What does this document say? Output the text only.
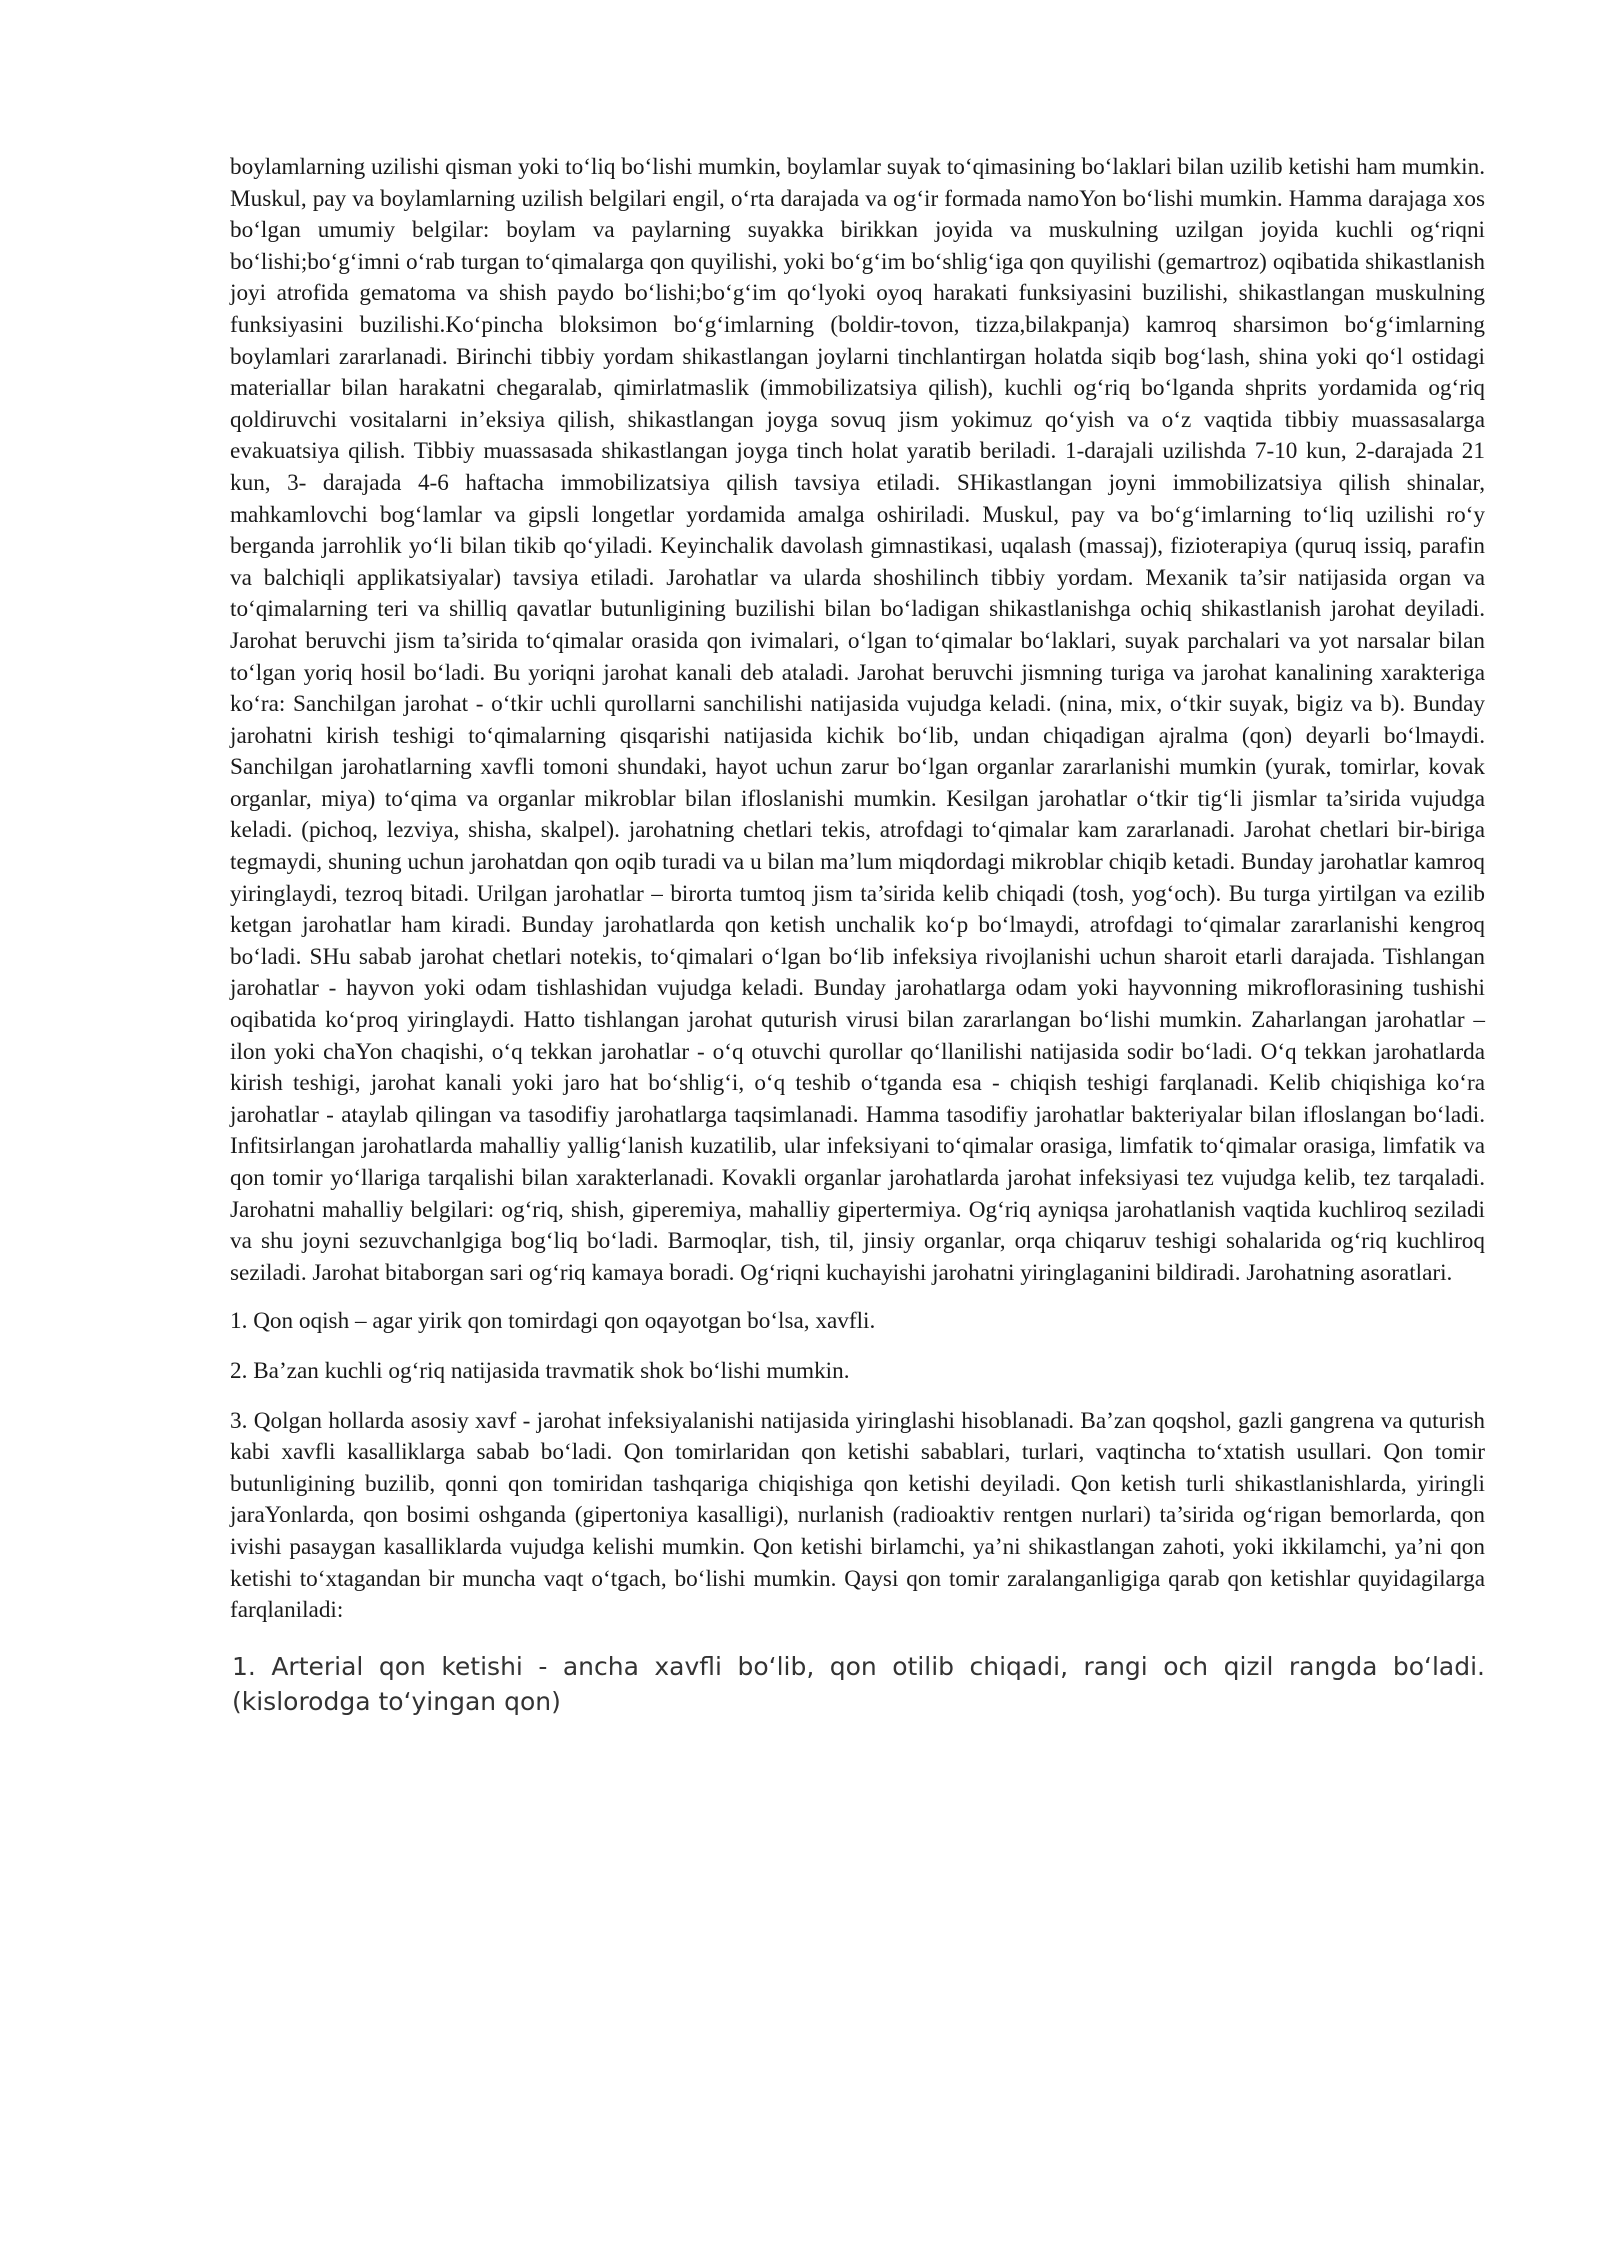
boylamlarning uzilishi qisman yoki to‘liq bo‘lishi mumkin, boylamlar suyak to‘qimasining bo‘laklari bilan uzilib ketishi ham mumkin. Muskul, pay va boylamlarning uzilish belgilari engil, o‘rta darajada va og‘ir formada namoYon bo‘lishi mumkin. Hamma darajaga xos bo‘lgan umumiy belgilar: boylam va paylarning suyakka birikkan joyida va muskulning uzilgan joyida kuchli og‘riqni bo‘lishi;bo‘g‘imni o‘rab turgan to‘qimalarga qon quyilishi, yoki bo‘g‘im bo‘shlig‘iga qon quyilishi (gemartroz) oqibatida shikastlanish joyi atrofida gematoma va shish paydo bo‘lishi;bo‘g‘im qo‘lyoki oyoq harakati funksiyasini buzilishi, shikastlangan muskulning funksiyasini buzilishi.Ko‘pincha bloksimon bo‘g‘imlarning (boldir-tovon, tizza,bilakpanja) kamroq sharsimon bo‘g‘imlarning boylamlari zararlanadi. Birinchi tibbiy yordam shikastlangan joylarni tinchlantirgan holatda siqib bog‘lash, shina yoki qo‘l ostidagi materiallar bilan harakatni chegaralab, qimirlatmaslik (immobilizatsiya qilish), kuchli og‘riq bo‘lganda shprits yordamida og‘riq qoldiruvchi vositalarni in’eksiya qilish, shikastlangan joyga sovuq jism yokimuz qo‘yish va o‘z vaqtida tibbiy muassasalarga evakuatsiya qilish. Tibbiy muassasada shikastlangan joyga tinch holat yaratib beriladi. 1-darajali uzilishda 7-10 kun, 2-darajada 21 kun, 3- darajada 4-6 haftacha immobilizatsiya qilish tavsiya etiladi. SHikastlangan joyni immobilizatsiya qilish shinalar, mahkamlovchi bog‘lamlar va gipsli longetlar yordamida amalga oshiriladi. Muskul, pay va bo‘g‘imlarning to‘liq uzilishi ro‘y berganda jarrohlik yo‘li bilan tikib qo‘yiladi. Keyinchalik davolash gimnastikasi, uqalash (massaj), fizioterapiya (quruq issiq, parafin va balchiqli applikatsiyalar) tavsiya etiladi. Jarohatlar va ularda shoshilinch tibbiy yordam. Mexanik ta’sir natijasida organ va to‘qimalarning teri va shilliq qavatlar butunligining buzilishi bilan bo‘ladigan shikastlanishga ochiq shikastlanish jarohat deyiladi. Jarohat beruvchi jism ta’sirida to‘qimalar orasida qon ivimalari, o‘lgan to‘qimalar bo‘laklari, suyak parchalari va yot narsalar bilan to‘lgan yoriq hosil bo‘ladi. Bu yoriqni jarohat kanali deb ataladi. Jarohat beruvchi jismning turiga va jarohat kanalining xarakteriga ko‘ra: Sanchilgan jarohat - o‘tkir uchli qurollarni sanchilishi natijasida vujudga keladi. (nina, mix, o‘tkir suyak, bigiz va b). Bunday jarohatni kirish teshigi to‘qimalarning qisqarishi natijasida kichik bo‘lib, undan chiqadigan ajralma (qon) deyarli bo‘lmaydi. Sanchilgan jarohatlarning xavfli tomoni shundaki, hayot uchun zarur bo‘lgan organlar zararlanishi mumkin (yurak, tomirlar, kovak organlar, miya) to‘qima va organlar mikroblar bilan ifloslanishi mumkin. Kesilgan jarohatlar o‘tkir tig‘li jismlar ta’sirida vujudga keladi. (pichoq, lezviya, shisha, skalpel). jarohatning chetlari tekis, atrofdagi to‘qimalar kam zararlanadi. Jarohat chetlari bir-biriga tegmaydi, shuning uchun jarohatdan qon oqib turadi va u bilan ma’lum miqdordagi mikroblar chiqib ketadi. Bunday jarohatlar kamroq yiringlaydi, tezroq bitadi. Urilgan jarohatlar – birorta tumtoq jism ta’sirida kelib chiqadi (tosh, yog‘och). Bu turga yirtilgan va ezilib ketgan jarohatlar ham kiradi. Bunday jarohatlarda qon ketish unchalik ko‘p bo‘lmaydi, atrofdagi to‘qimalar zararlanishi kengroq bo‘ladi. SHu sabab jarohat chetlari notekis, to‘qimalari o‘lgan bo‘lib infeksiya rivojlanishi uchun sharoit etarli darajada. Tishlangan jarohatlar - hayvon yoki odam tishlashidan vujudga keladi. Bunday jarohatlarga odam yoki hayvonning mikroflorasining tushishi oqibatida ko‘proq yiringlaydi. Hatto tishlangan jarohat quturish virusi bilan zararlangan bo‘lishi mumkin. Zaharlangan jarohatlar – ilon yoki chaYon chaqishi, o‘q tekkan jarohatlar - o‘q otuvchi qurollar qo‘llanilishi natijasida sodir bo‘ladi. O‘q tekkan jarohatlarda kirish teshigi, jarohat kanali yoki jaro hat bo‘shlig‘i, o‘q teshib o‘tganda esa - chiqish teshigi farqlanadi. Kelib chiqishiga ko‘ra jarohatlar - ataylab qilingan va tasodifiy jarohatlarga taqsimlanadi. Hamma tasodifiy jarohatlar bakteriyalar bilan ifloslangan bo‘ladi. Infitsirlangan jarohatlarda mahalliy yallig‘lanish kuzatilib, ular infeksiyani to‘qimalar orasiga, limfatik to‘qimalar orasiga, limfatik va qon tomir yo‘llariga tarqalishi bilan xarakterlanadi. Kovakli organlar jarohatlarda jarohat infeksiyasi tez vujudga kelib, tez tarqaladi. Jarohatni mahalliy belgilari: og‘riq, shish, giperemiya, mahalliy gipertermiya. Og‘riq ayniqsa jarohatlanish vaqtida kuchliroq seziladi va shu joyni sezuvchanlgiga bog‘liq bo‘ladi. Barmoqlar, tish, til, jinsiy organlar, orqa chiqaruv teshigi sohalarida og‘riq kuchliroq seziladi. Jarohat bitaborgan sari og‘riq kamaya boradi. Og‘riqni kuchayishi jarohatni yiringlaganini bildiradi. Jarohatning asoratlari.

1. Qon oqish – agar yirik qon tomirdagi qon oqayotgan bo‘lsa, xavfli.

2. Ba’zan kuchli og‘riq natijasida travmatik shok bo‘lishi mumkin.

3. Qolgan hollarda asosiy xavf - jarohat infeksiyalanishi natijasida yiringlashi hisoblanadi. Ba’zan qoqshol, gazli gangrena va quturish kabi xavfli kasalliklarga sabab bo‘ladi. Qon tomirlaridan qon ketishi sabablari, turlari, vaqtincha to‘xtatish usullari. Qon tomir butunligining buzilib, qonni qon tomiridan tashqariga chiqishiga qon ketishi deyiladi. Qon ketish turli shikastlanishlarda, yiringli jaraYonlarda, qon bosimi oshganda (gipertoniya kasalligi), nurlanish (radioaktiv rentgen nurlari) ta’sirida og‘rigan bemorlarda, qon ivishi pasaygan kasalliklarda vujudga kelishi mumkin. Qon ketishi birlamchi, ya’ni shikastlangan zahoti, yoki ikkilamchi, ya’ni qon ketishi to‘xtagandan bir muncha vaqt o‘tgach, bo‘lishi mumkin. Qaysi qon tomir zaralanganligiga qarab qon ketishlar quyidagilarga farqlaniladi:

1. Arterial qon ketishi - ancha xavfli bo‘lib, qon otilib chiqadi, rangi och qizil rangda bo‘ladi. (kislorodga to‘yingan qon)
